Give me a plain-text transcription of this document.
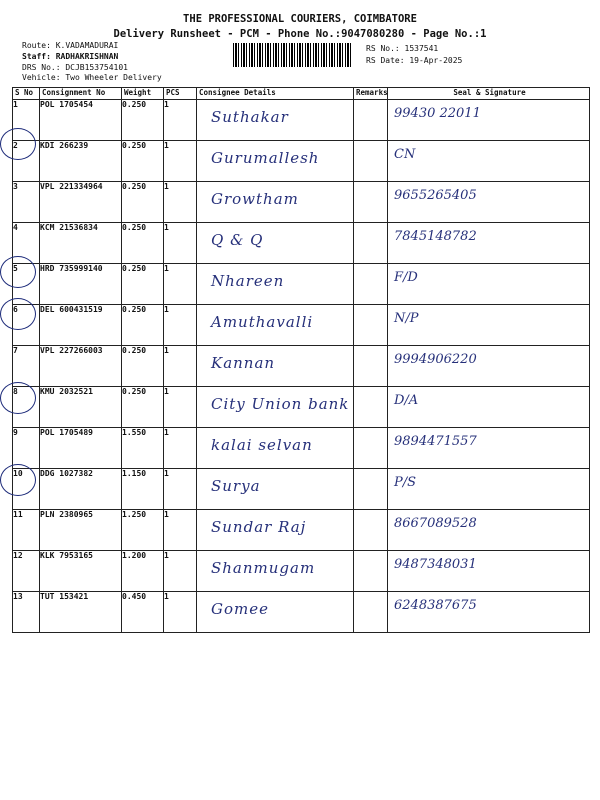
THE PROFESSIONAL COURIERS, COIMBATORE
Delivery Runsheet - PCM - Phone No.:9047080280 - Page No.:1
Route: K.VADAMADURAI
Staff: RADHAKRISHNAN
DRS No.: DCJB153754101
Vehicle: Two Wheeler Delivery
RS No.: 1537541
RS Date: 19-Apr-2025
S No	Consignment No	Weight	PCS	Consignee Details	Remarks	Seal & Signature
1	POL 1705454	0.250	1	Suthakar		99430 22011

2	KDI 266239	0.250	1	Gurumallesh		CN

3	VPL 221334964	0.250	1	Growtham		9655265405

4	KCM 21536834	0.250	1	Q & Q		7845148782

5	HRD 735999140	0.250	1	Nhareen		F/D

6	DEL 600431519	0.250	1	Amuthavalli		N/P

7	VPL 227266003	0.250	1	Kannan		9994906220

8	KMU 2032521	0.250	1	City Union bank		D/A

9	POL 1705489	1.550	1	kalai selvan		9894471557

10	DDG 1027382	1.150	1	Surya		P/S

11	PLN 2380965	1.250	1	Sundar Raj		8667089528

12	KLK 7953165	1.200	1	Shanmugam		9487348031

13	TUT 153421	0.450	1	Gomee		6248387675
